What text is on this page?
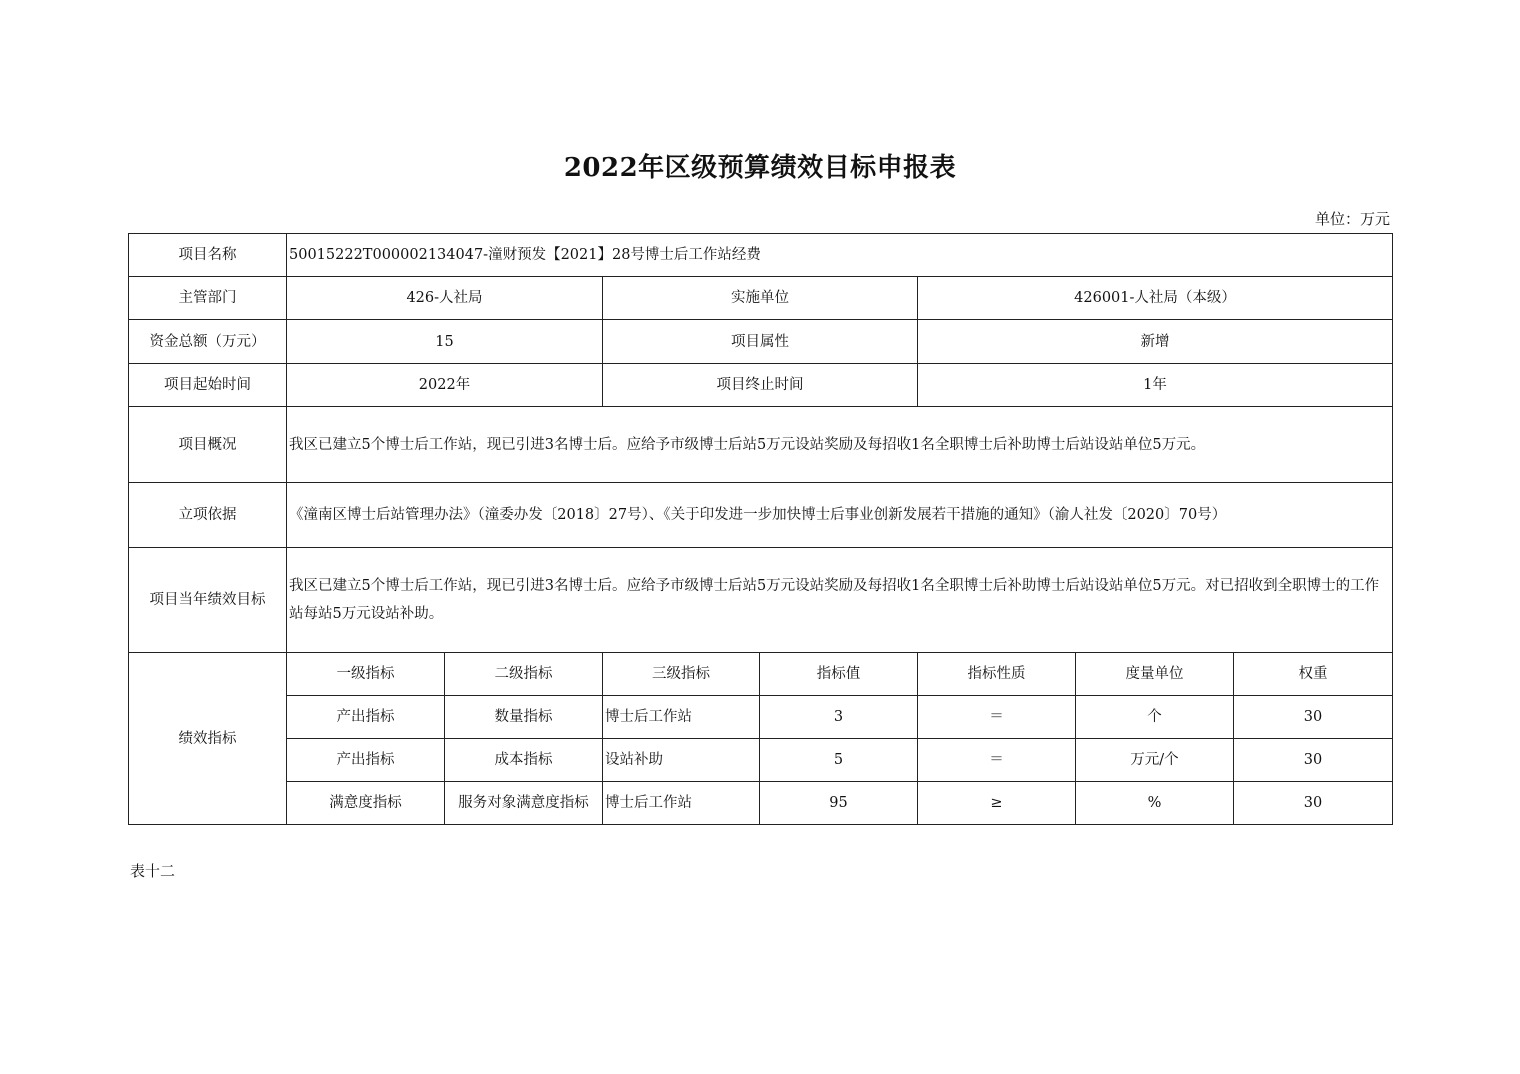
2022年区级预算绩效目标申报表
单位：万元
项目名称	50015222T000002134047-潼财预发【2021】28号博士后工作站经费						
主管部门	426-人社局		实施单位		426001-人社局（本级）		
资金总额（万元）	15		项目属性		新增		
项目起始时间	2022年		项目终止时间		1年		
项目概况	我区已建立5个博士后工作站，现已引进3名博士后。应给予市级博士后站5万元设站奖励及每招收1名全职博士后补助博士后站设站单位5万元。						
立项依据	《潼南区博士后站管理办法》（潼委办发〔2018〕27号）、《关于印发进一步加快博士后事业创新发展若干措施的通知》（渝人社发〔2020〕70号）						
项目当年绩效目标	我区已建立5个博士后工作站，现已引进3名博士后。应给予市级博士后站5万元设站奖励及每招收1名全职博士后补助博士后站设站单位5万元。对已招收到全职博士的工作站每站5万元设站补助。						
绩效指标	一级指标	二级指标	三级指标	指标值	指标性质	度量单位	权重
	产出指标	数量指标	博士后工作站	3	＝	个	30
	产出指标	成本指标	设站补助	5	＝	万元/个	30
	满意度指标	服务对象满意度指标	博士后工作站	95	≥	%	30
表十二
